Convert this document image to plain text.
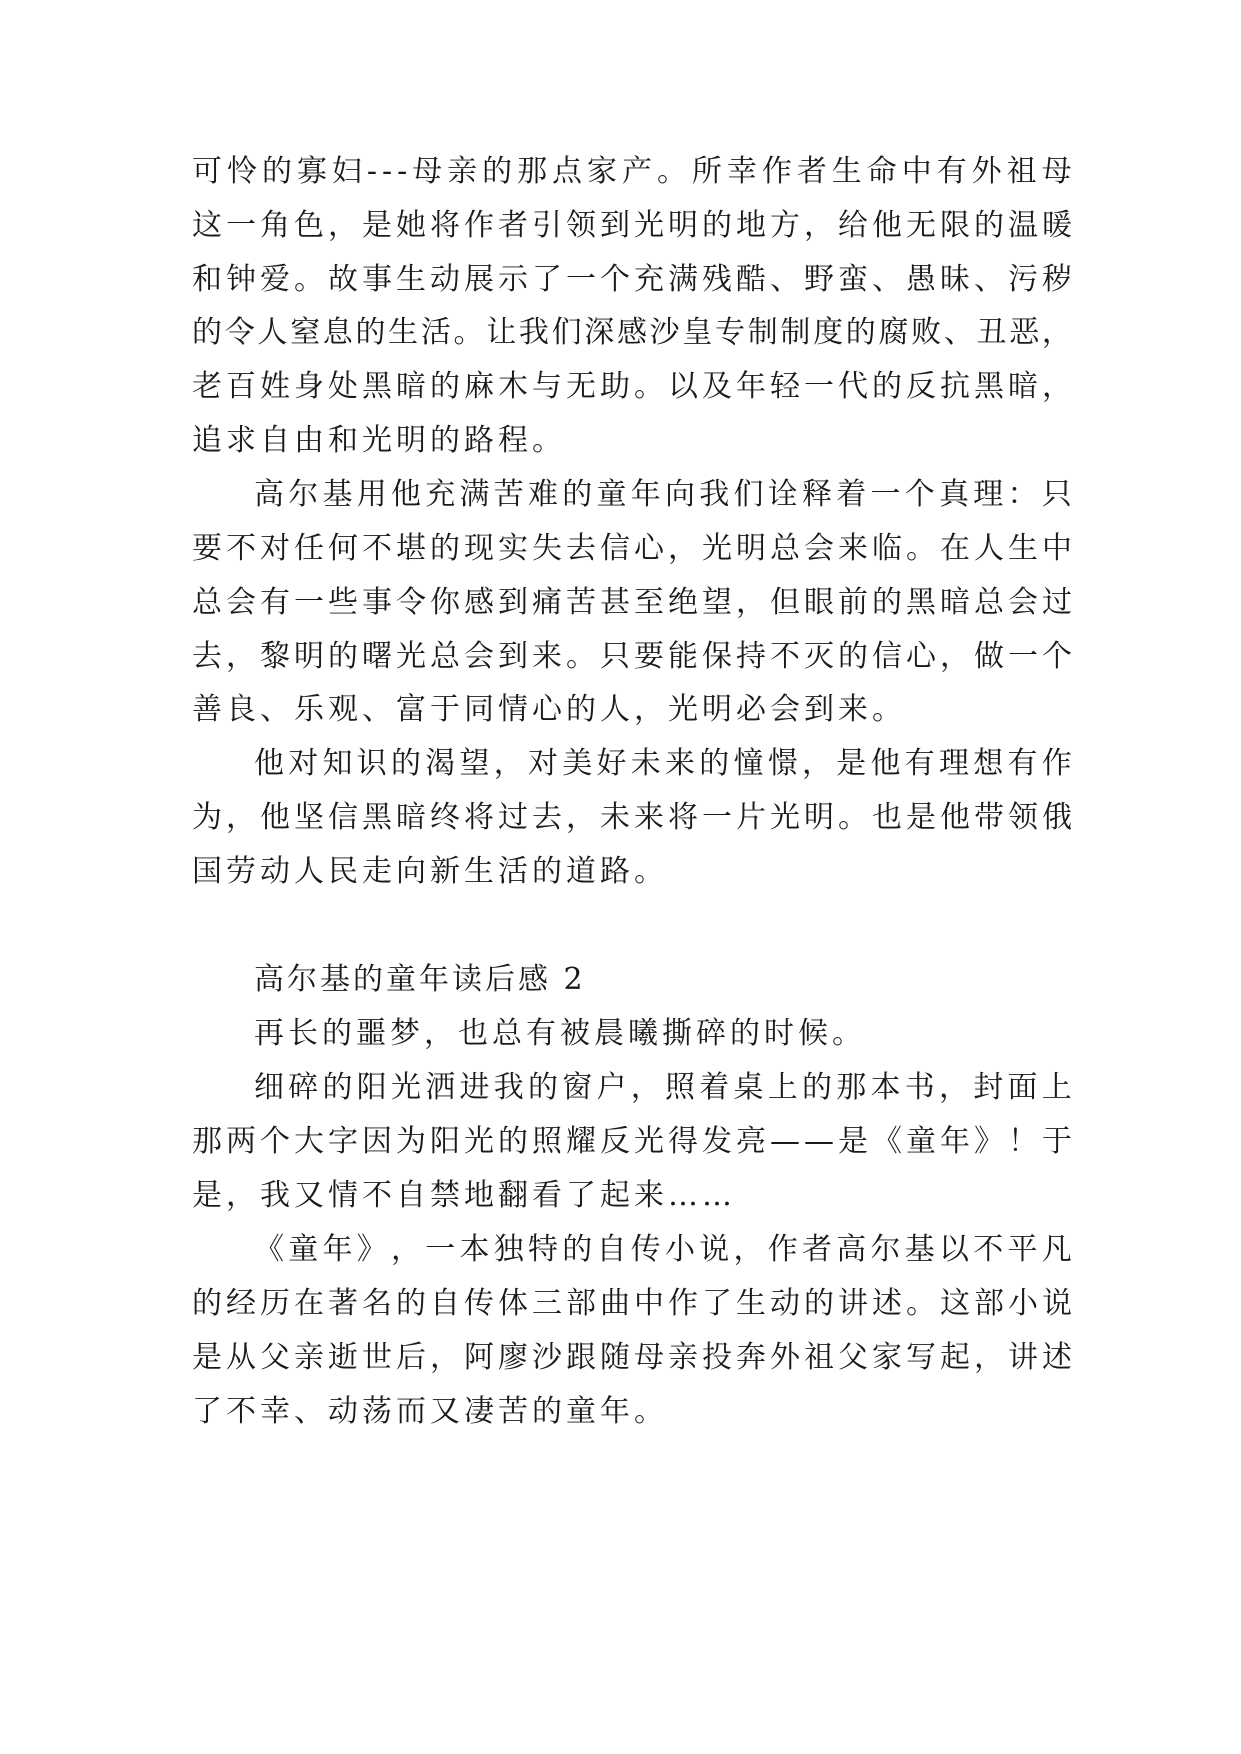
可 怜 的 寡 妇 - - - 母 亲 的 那 点 家 产 。 所 幸 作 者 生 命 中 有 外 祖 母
这 一 角 色 ， 是 她 将 作 者 引 领 到 光 明 的 地 方 ， 给 他 无 限 的 温 暖
和 钟 爱 。 故 事 生 动 展 示 了 一 个 充 满 残 酷 、 野 蛮 、 愚 昧 、 污 秽
的 令 人 窒 息 的 生 活 。 让 我 们 深 感 沙 皇 专 制 制 度 的 腐 败 、 丑 恶 ，
老 百 姓 身 处 黑 暗 的 麻 木 与 无 助 。 以 及 年 轻 一 代 的 反 抗 黑 暗 ，
追求自由和光明的路程。
高 尔 基 用 他 充 满 苦 难 的 童 年 向 我 们 诠 释 着 一 个 真 理 ： 只
要 不 对 任 何 不 堪 的 现 实 失 去 信 心 ， 光 明 总 会 来 临 。 在 人 生 中
总 会 有 一 些 事 令 你 感 到 痛 苦 甚 至 绝 望 ， 但 眼 前 的 黑 暗 总 会 过
去 ， 黎 明 的 曙 光 总 会 到 来 。 只 要 能 保 持 不 灭 的 信 心 ， 做 一 个
善良、乐观、富于同情心的人，光明必会到来。
他 对 知 识 的 渴 望 ， 对 美 好 未 来 的 憧 憬 ， 是 他 有 理 想 有 作
为 ， 他 坚 信 黑 暗 终 将 过 去 ， 未 来 将 一 片 光 明 。 也 是 他 带 领 俄
国劳动人民走向新生活的道路。
高尔基的童年读后感 2
再长的噩梦，也总有被晨曦撕碎的时候。
细 碎 的 阳 光 洒 进 我 的 窗 户 ， 照 着 桌 上 的 那 本 书 ， 封 面 上
那 两 个 大 字 因 为 阳 光 的 照 耀 反 光 得 发 亮 — — 是 《 童 年 》 ！ 于
是，我又情不自禁地翻看了起来……
《 童 年 》 ， 一 本 独 特 的 自 传 小 说 ， 作 者 高 尔 基 以 不 平 凡
的 经 历 在 著 名 的 自 传 体 三 部 曲 中 作 了 生 动 的 讲 述 。 这 部 小 说
是 从 父 亲 逝 世 后 ， 阿 廖 沙 跟 随 母 亲 投 奔 外 祖 父 家 写 起 ， 讲 述
了不幸、动荡而又凄苦的童年。
